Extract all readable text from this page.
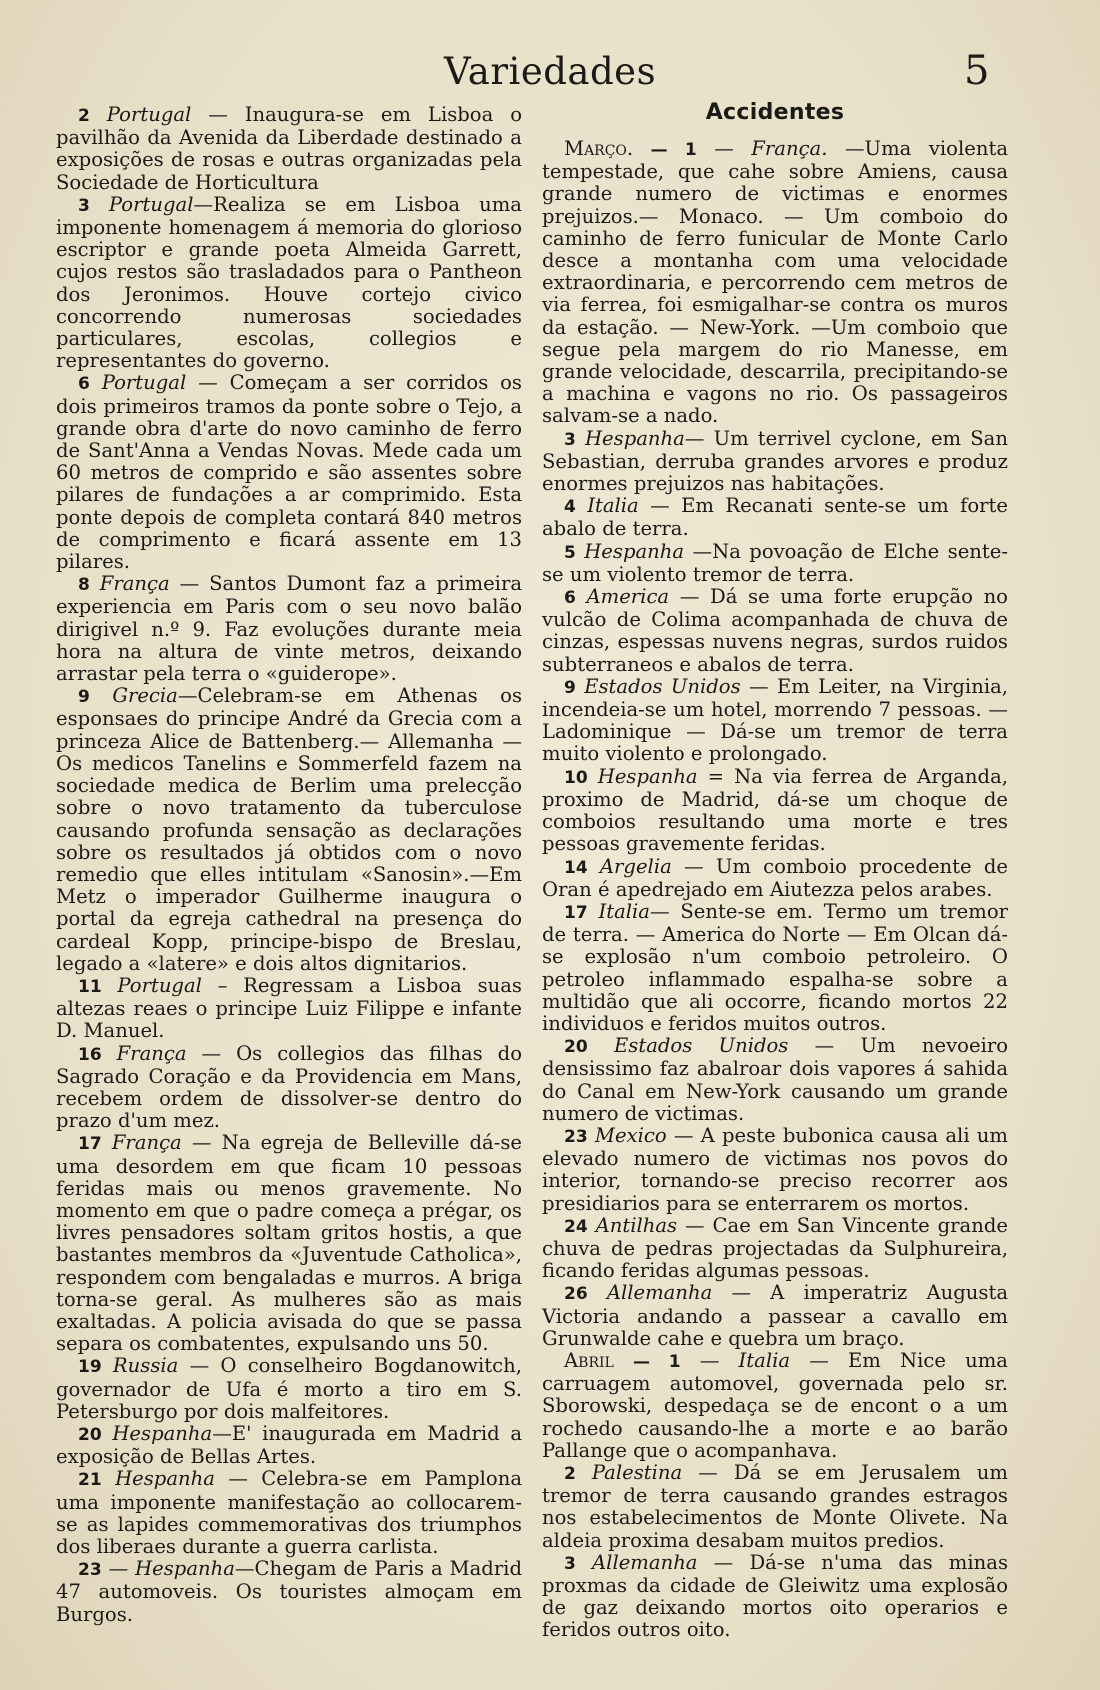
Variedades	5

2 Portugal — Inaugura-se em Lisboa o pavilhão da Avenida da Liberdade destinado a exposições de rosas e outras organizadas pela Sociedade de Horticultura

3 Portugal—Realiza se em Lisboa uma imponente homenagem á memoria do glorioso escriptor e grande poeta Almeida Garrett, cujos restos são trasladados para o Pantheon dos Jeronimos. Houve cortejo civico concorrendo numerosas sociedades particulares, escolas, collegios e representantes do governo.

6 Portugal — Começam a ser corridos os dois primeiros tramos da ponte sobre o Tejo, a grande obra d'arte do novo caminho de ferro de Sant'Anna a Vendas Novas. Mede cada um 60 metros de comprido e são assentes sobre pilares de fundações a ar comprimido. Esta ponte depois de completa contará 840 metros de comprimento e ficará assente em 13 pilares.

8 França — Santos Dumont faz a primeira experiencia em Paris com o seu novo balão dirigivel n.º 9. Faz evoluções durante meia hora na altura de vinte metros, deixando arrastar pela terra o «guiderope».

9 Grecia—Celebram-se em Athenas os esponsaes do principe André da Grecia com a princeza Alice de Battenberg.— Allemanha — Os medicos Tanelins e Sommerfeld fazem na sociedade medica de Berlim uma prelecção sobre o novo tratamento da tuberculose causando profunda sensação as declarações sobre os resultados já obtidos com o novo remedio que elles intitulam «Sanosin».—Em Metz o imperador Guilherme inaugura o portal da egreja cathedral na presença do cardeal Kopp, principe-bispo de Breslau, legado a «latere» e dois altos dignitarios.

11 Portugal – Regressam a Lisboa suas altezas reaes o principe Luiz Filippe e infante D. Manuel.

16 França — Os collegios das filhas do Sagrado Coração e da Providencia em Mans, recebem ordem de dissolver-se dentro do prazo d'um mez.

17 França — Na egreja de Belleville dá-se uma desordem em que ficam 10 pessoas feridas mais ou menos gravemente. No momento em que o padre começa a prégar, os livres pensadores soltam gritos hostis, a que bastantes membros da «Juventude Catholica», respondem com bengaladas e murros. A briga torna-se geral. As mulheres são as mais exaltadas. A policia avisada do que se passa separa os combatentes, expulsando uns 50.

19 Russia — O conselheiro Bogdanowitch, governador de Ufa é morto a tiro em S. Petersburgo por dois malfeitores.

20 Hespanha—E' inaugurada em Madrid a exposição de Bellas Artes.

21 Hespanha — Celebra-se em Pamplona uma imponente manifestação ao collocarem-se as lapides commemorativas dos triumphos dos liberaes durante a guerra carlista.

23 — Hespanha—Chegam de Paris a Madrid 47 automoveis. Os touristes almoçam em Burgos.

Accidentes

Março. — 1 — França. —Uma violenta tempestade, que cahe sobre Amiens, causa grande numero de victimas e enormes prejuizos.— Monaco. — Um comboio do caminho de ferro funicular de Monte Carlo desce a montanha com uma velocidade extraordinaria, e percorrendo cem metros de via ferrea, foi esmigalhar-se contra os muros da estação. — New-York. —Um comboio que segue pela margem do rio Manesse, em grande velocidade, descarrila, precipitando-se a machina e vagons no rio. Os passageiros salvam-se a nado.

3 Hespanha— Um terrivel cyclone, em San Sebastian, derruba grandes arvores e produz enormes prejuizos nas habitações.

4 Italia — Em Recanati sente-se um forte abalo de terra.

5 Hespanha —Na povoação de Elche sente-se um violento tremor de terra.

6 America — Dá se uma forte erupção no vulcão de Colima acompanhada de chuva de cinzas, espessas nuvens negras, surdos ruidos subterraneos e abalos de terra.

9 Estados Unidos — Em Leiter, na Virginia, incendeia-se um hotel, morrendo 7 pessoas. — Ladominique — Dá-se um tremor de terra muito violento e prolongado.

10 Hespanha = Na via ferrea de Arganda, proximo de Madrid, dá-se um choque de comboios resultando uma morte e tres pessoas gravemente feridas.

14 Argelia — Um comboio procedente de Oran é apedrejado em Aiutezza pelos arabes.

17 Italia— Sente-se em. Termo um tremor de terra. — America do Norte — Em Olcan dá-se explosão n'um comboio petroleiro. O petroleo inflammado espalha-se sobre a multidão que ali occorre, ficando mortos 22 individuos e feridos muitos outros.

20 Estados Unidos — Um nevoeiro densissimo faz abalroar dois vapores á sahida do Canal em New-York causando um grande numero de victimas.

23 Mexico — A peste bubonica causa ali um elevado numero de victimas nos povos do interior, tornando-se preciso recorrer aos presidiarios para se enterrarem os mortos.

24 Antilhas — Cae em San Vincente grande chuva de pedras projectadas da Sulphureira, ficando feridas algumas pessoas.

26 Allemanha — A imperatriz Augusta Victoria andando a passear a cavallo em Grunwalde cahe e quebra um braço.

Abril — 1 — Italia — Em Nice uma carruagem automovel, governada pelo sr. Sborowski, despedaça se de encont o a um rochedo causando-lhe a morte e ao barão Pallange que o acompanhava.

2 Palestina — Dá se em Jerusalem um tremor de terra causando grandes estragos nos estabelecimentos de Monte Olivete. Na aldeia proxima desabam muitos predios.

3 Allemanha — Dá-se n'uma das minas proxmas da cidade de Gleiwitz uma explosão de gaz deixando mortos oito operarios e feridos outros oito.
